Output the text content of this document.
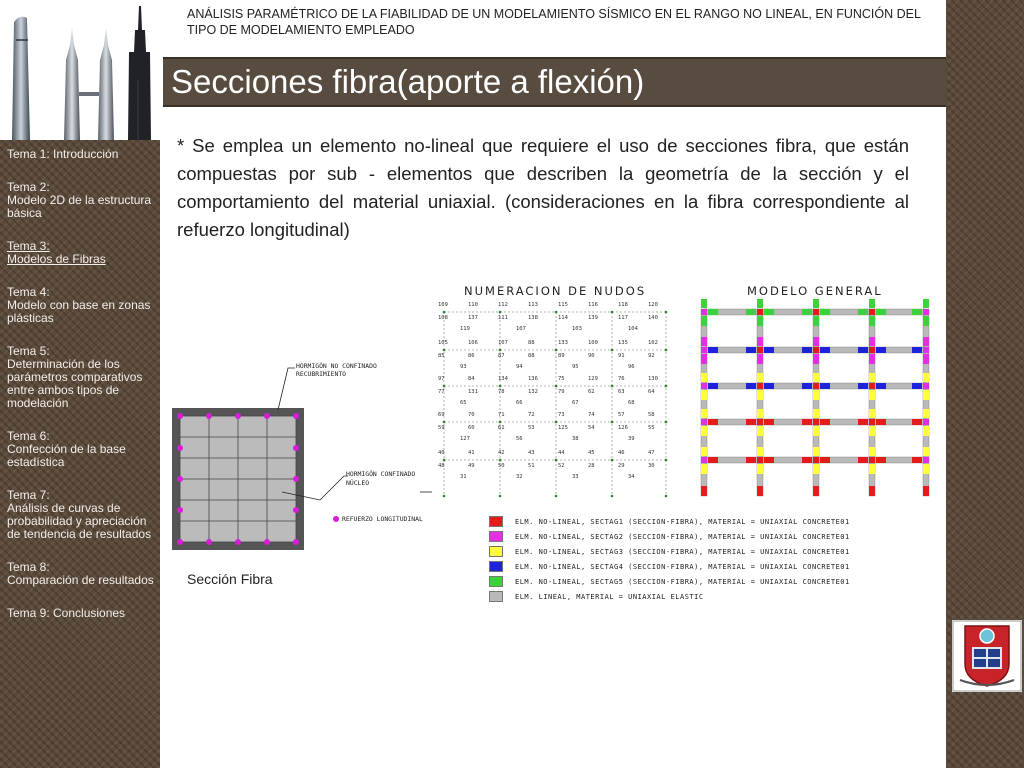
Tema 1: Introducción
Tema 2:
Modelo 2D de la estructura básica
Tema 3:
Modelos de Fibras
Tema 4:
Modelo con base en zonas plásticas
Tema 5:
Determinación de los parámetros comparativos entre ambos tipos de modelación
Tema 6:
Confección de la base estadística
Tema 7:
Análisis de curvas de probabilidad y apreciación de tendencia de resultados
Tema 8:
Comparación de resultados
Tema 9: Conclusiones
ANÁLISIS PARAMÉTRICO DE LA FIABILIDAD DE UN MODELAMIENTO SÍSMICO EN EL RANGO NO LINEAL, EN FUNCIÓN DEL TIPO DE MODELAMIENTO EMPLEADO
Secciones fibra(aporte a flexión)
* Se emplea un elemento no-lineal que requiere el uso de secciones fibra, que están compuestas por sub - elementos que describen la geometría de la sección y el comportamiento del material uniaxial. (consideraciones en la fibra correspondiente al refuerzo longitudinal)
HORMIGÓN NO CONFINADO
RECUBRIMIENTO
HORMIGÓN CONFINADO
NÚCLEO
REFUERZO LONGITUDINAL
Sección Fibra
NUMERACION DE NUDOS
109	110	112	113	115	116	118	120
108	137	111	138	114	139	117	140
119	107	103	104
105	106	107	88	133	100	135	102
85	86	87	88	89	90	91	92
93	94	95	96
97	84	134	136	75	129	76	130
77	131	78	132	79	62	63	64
65	66	67	68
69	70	71	72	73	74	57	58
59	60	61	53	125	54	126	55
127	56	38	39
40	41	42	43	44	45	46	47
48	49	50	51	52	28	29	30
31	32	33	34
MODELO GENERAL
ELM. NO-LINEAL, SECTAG1 (SECCION-FIBRA), MATERIAL = UNIAXIAL CONCRETE01
ELM. NO-LINEAL, SECTAG2 (SECCION-FIBRA), MATERIAL = UNIAXIAL CONCRETE01
ELM. NO-LINEAL, SECTAG3 (SECCION-FIBRA), MATERIAL = UNIAXIAL CONCRETE01
ELM. NO-LINEAL, SECTAG4 (SECCION-FIBRA), MATERIAL = UNIAXIAL CONCRETE01
ELM. NO-LINEAL, SECTAG5 (SECCION-FIBRA), MATERIAL = UNIAXIAL CONCRETE01
ELM. LINEAL, MATERIAL = UNIAXIAL ELASTIC
